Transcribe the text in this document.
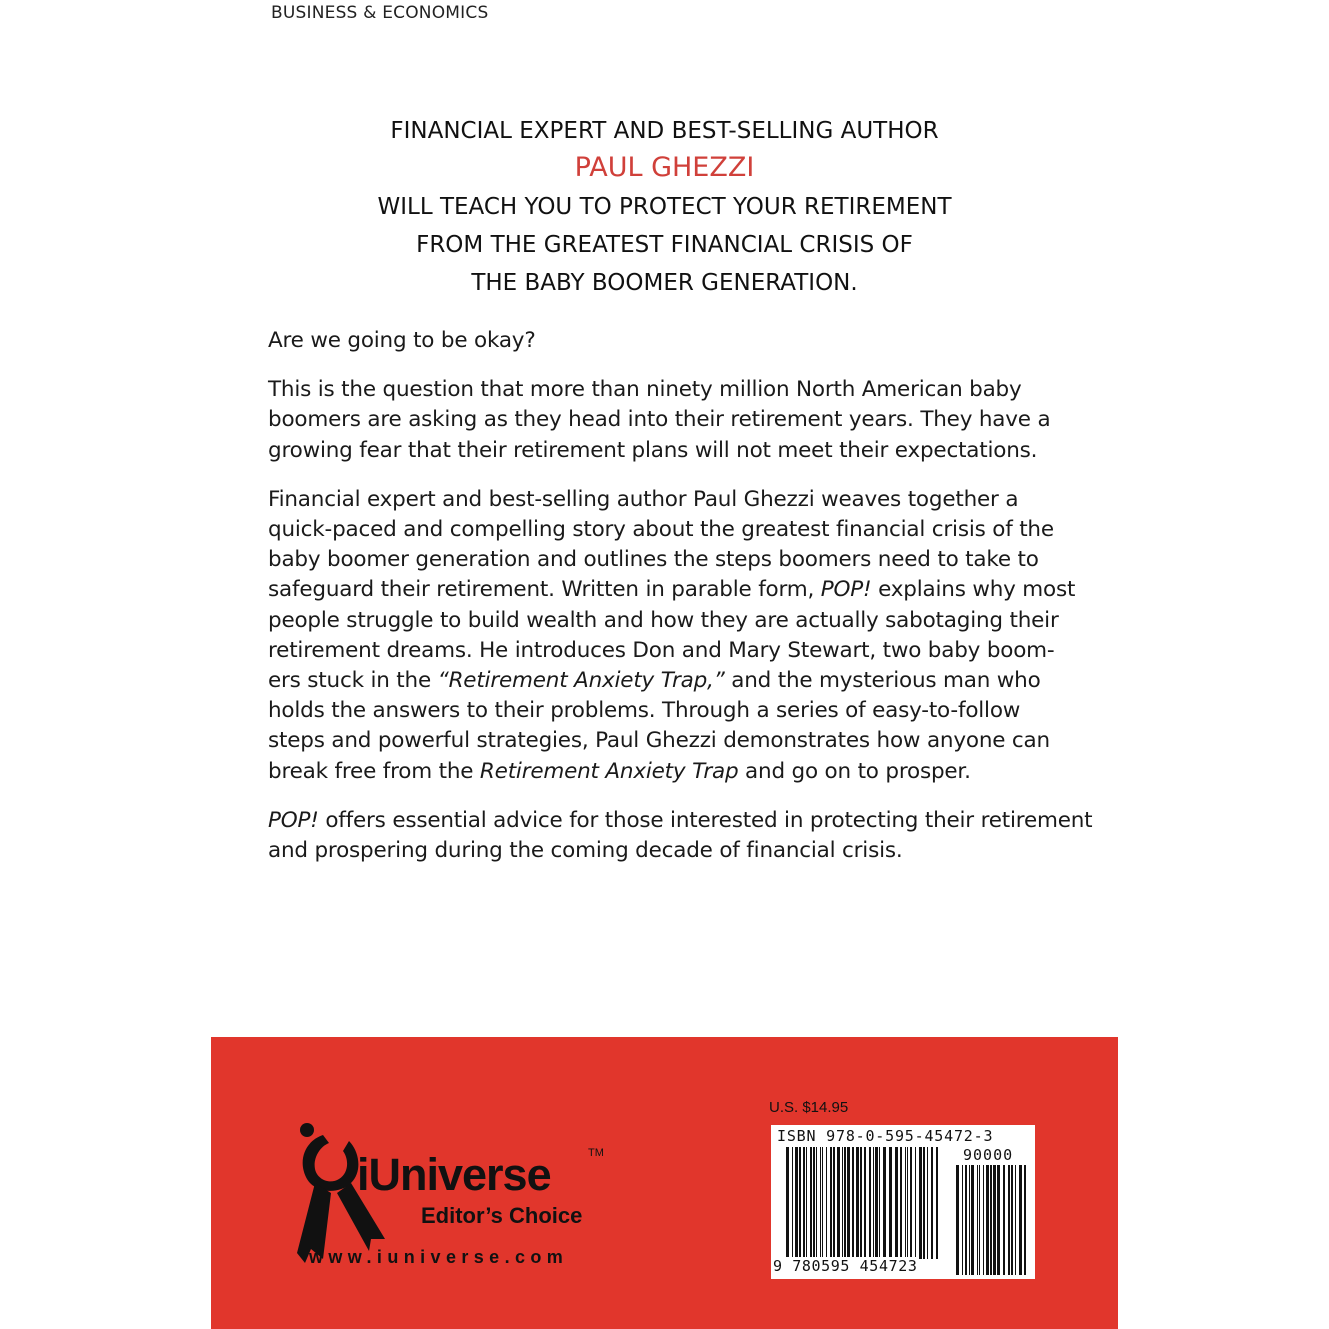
BUSINESS & ECONOMICS
FINANCIAL EXPERT AND BEST-SELLING AUTHOR
PAUL GHEZZI
WILL TEACH YOU TO PROTECT YOUR RETIREMENT
FROM THE GREATEST FINANCIAL CRISIS OF
THE BABY BOOMER GENERATION.

Are we going to be okay?

This is the question that more than ninety million North American baby
boomers are asking as they head into their retirement years. They have a
growing fear that their retirement plans will not meet their expectations.

Financial expert and best-selling author Paul Ghezzi weaves together a
quick-paced and compelling story about the greatest financial crisis of the
baby boomer generation and outlines the steps boomers need to take to
safeguard their retirement. Written in parable form, POP! explains why most
people struggle to build wealth and how they are actually sabotaging their
retirement dreams. He introduces Don and Mary Stewart, two baby boom-
ers stuck in the “Retirement Anxiety Trap,” and the mysterious man who
holds the answers to their problems. Through a series of easy-to-follow
steps and powerful strategies, Paul Ghezzi demonstrates how anyone can
break free from the Retirement Anxiety Trap and go on to prosper.

POP! offers essential advice for those interested in protecting their retirement
and prospering during the coming decade of financial crisis.

iUniverse	TM
Editor’s Choice
www.iuniverse.com
U.S. $14.95
ISBN 978-0-595-45472-3
90000
9 780595 454723
